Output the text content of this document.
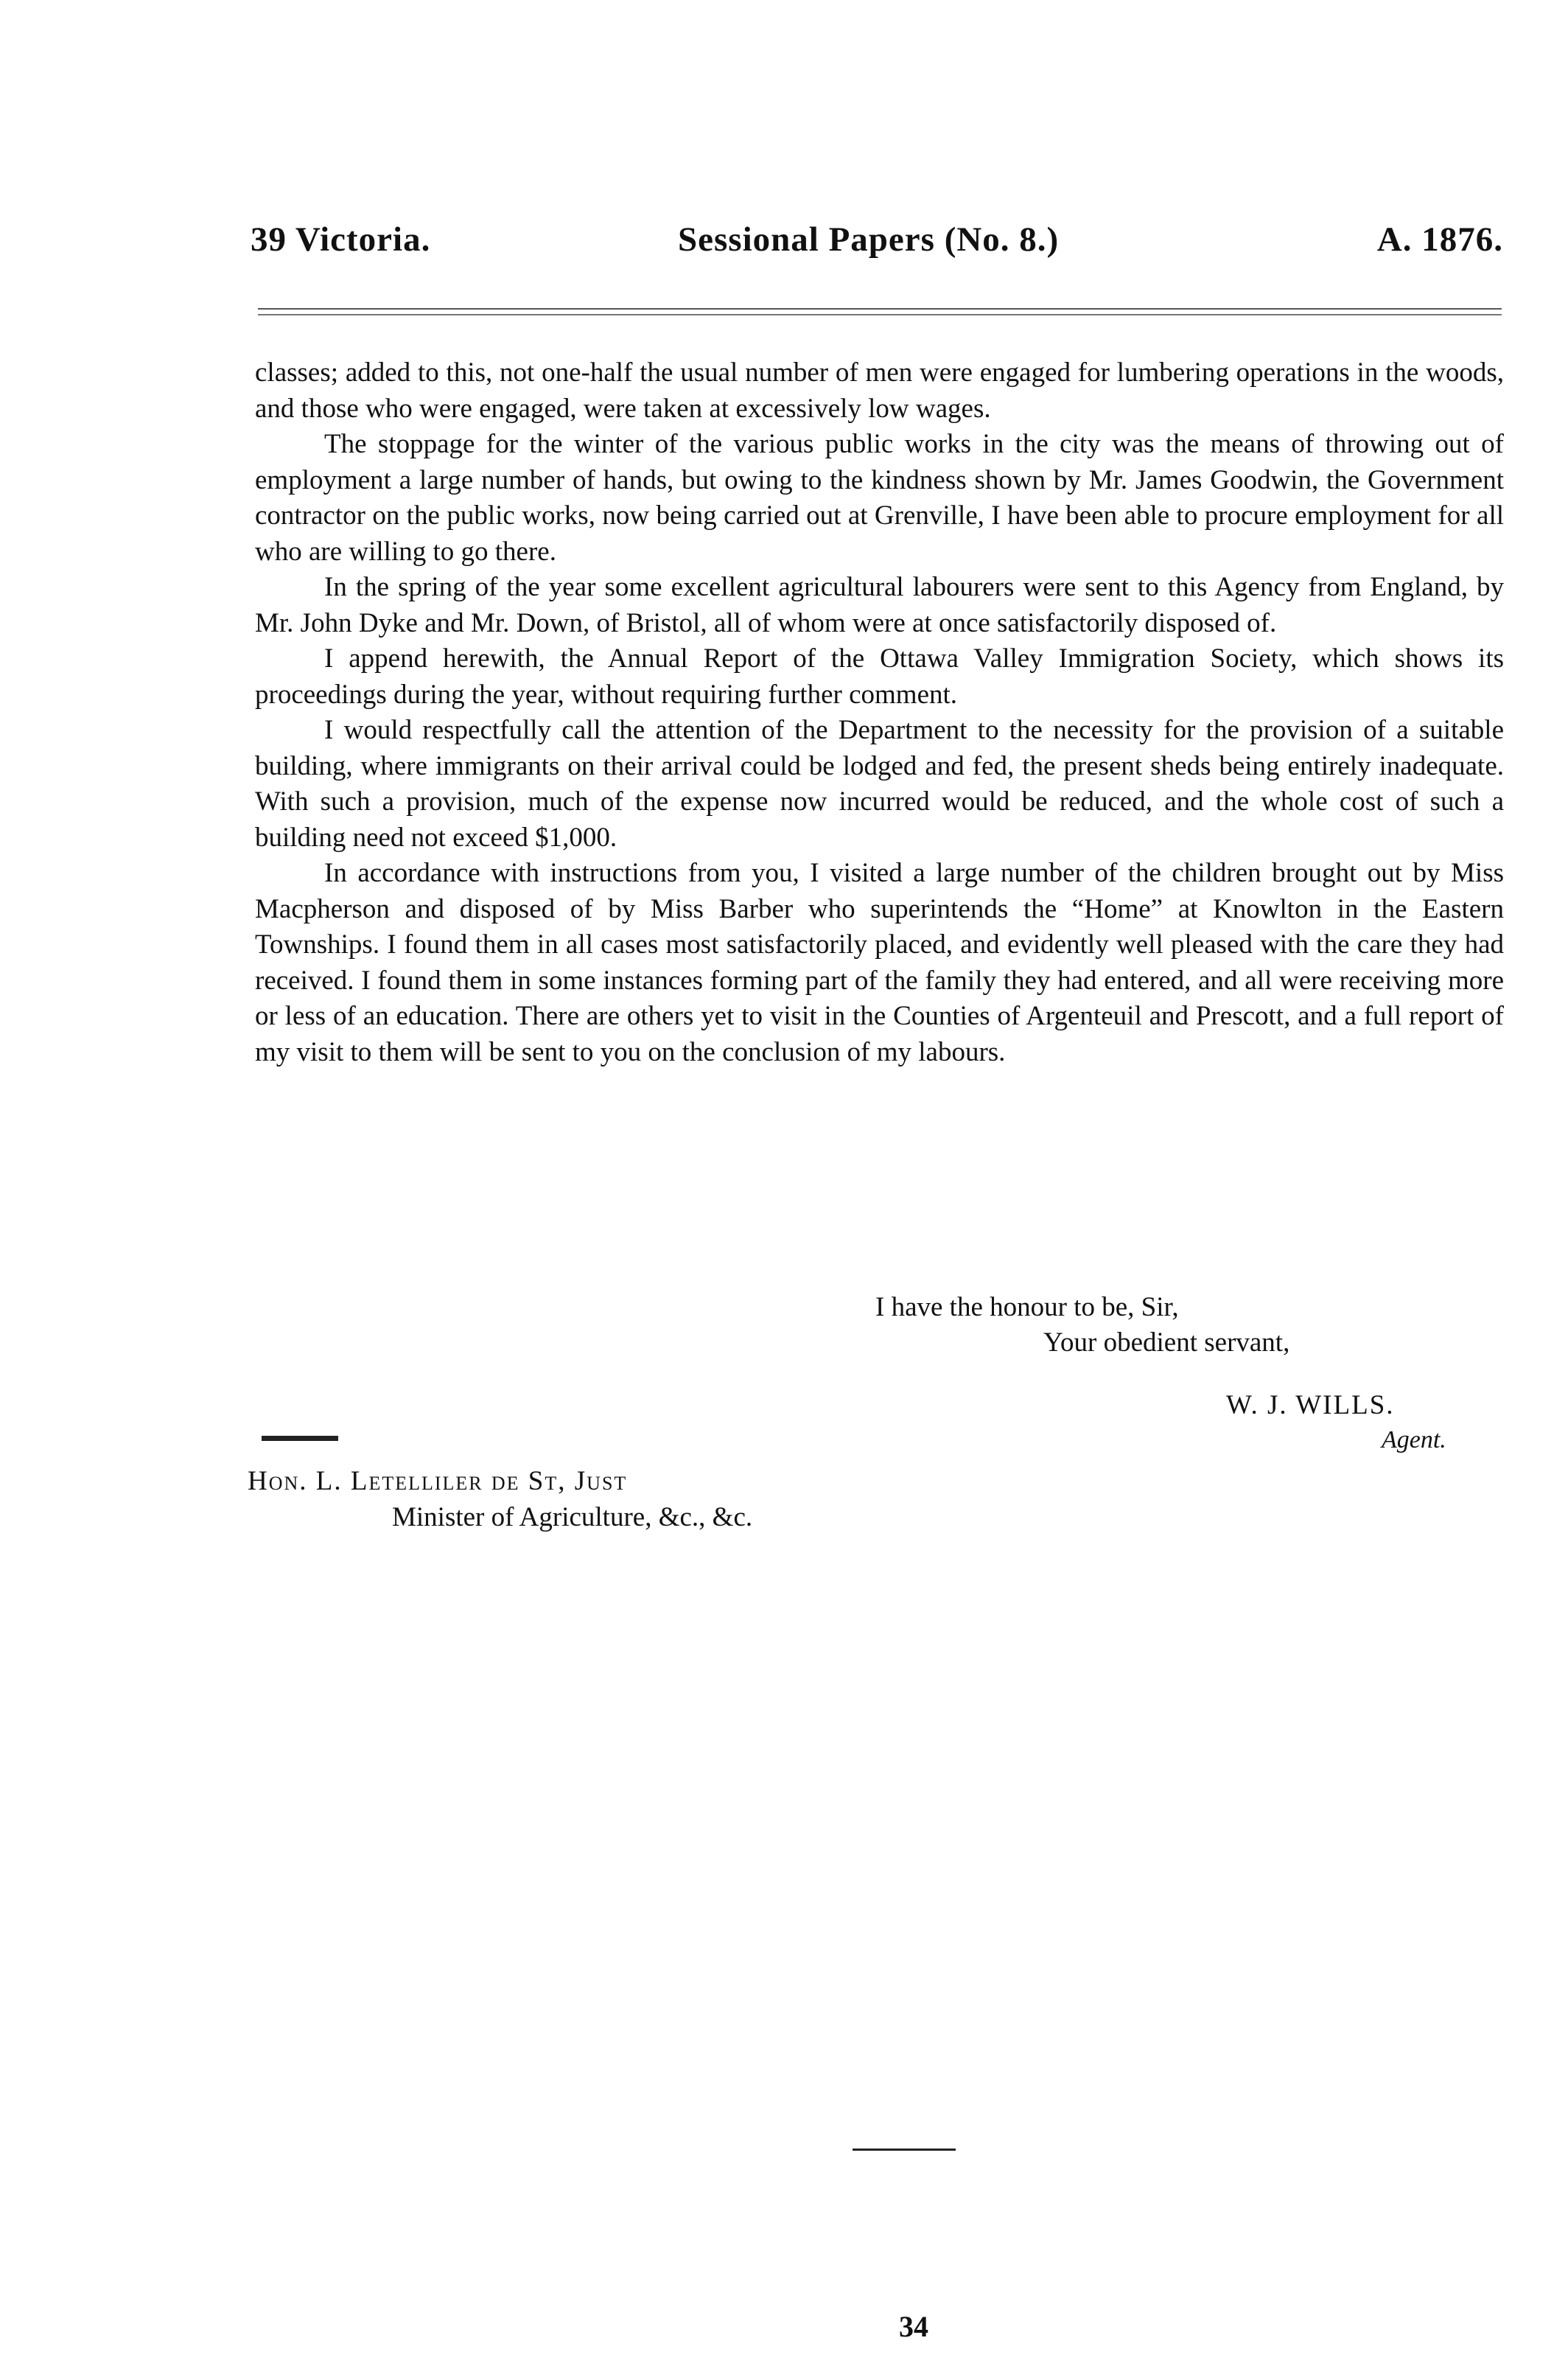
39 Victoria.	Sessional Papers (No. 8.)	A. 1876.

classes; added to this, not one-half the usual number of men were engaged for lumbering operations in the woods, and those who were engaged, were taken at excessively low wages.

The stoppage for the winter of the various public works in the city was the means of throwing out of employment a large number of hands, but owing to the kindness shown by Mr. James Goodwin, the Government contractor on the public works, now being carried out at Grenville, I have been able to procure employment for all who are willing to go there.

In the spring of the year some excellent agricultural labourers were sent to this Agency from England, by Mr. John Dyke and Mr. Down, of Bristol, all of whom were at once satisfactorily disposed of.

I append herewith, the Annual Report of the Ottawa Valley Immigration Society, which shows its proceedings during the year, without requiring further comment.

I would respectfully call the attention of the Department to the necessity for the provision of a suitable building, where immigrants on their arrival could be lodged and fed, the present sheds being entirely inadequate. With such a provision, much of the expense now incurred would be reduced, and the whole cost of such a building need not exceed $1,000.

In accordance with instructions from you, I visited a large number of the children brought out by Miss Macpherson and disposed of by Miss Barber who superintends the “Home” at Knowlton in the Eastern Townships. I found them in all cases most satisfactorily placed, and evidently well pleased with the care they had received. I found them in some instances forming part of the family they had entered, and all were receiving more or less of an education. There are others yet to visit in the Counties of Argenteuil and Prescott, and a full report of my visit to them will be sent to you on the conclusion of my labours.

I have the honour to be, Sir,
Your obedient servant,
W. J. WILLS.
Agent.
Hon. L. Letelliler de St, Just
Minister of Agriculture, &c., &c.
34
